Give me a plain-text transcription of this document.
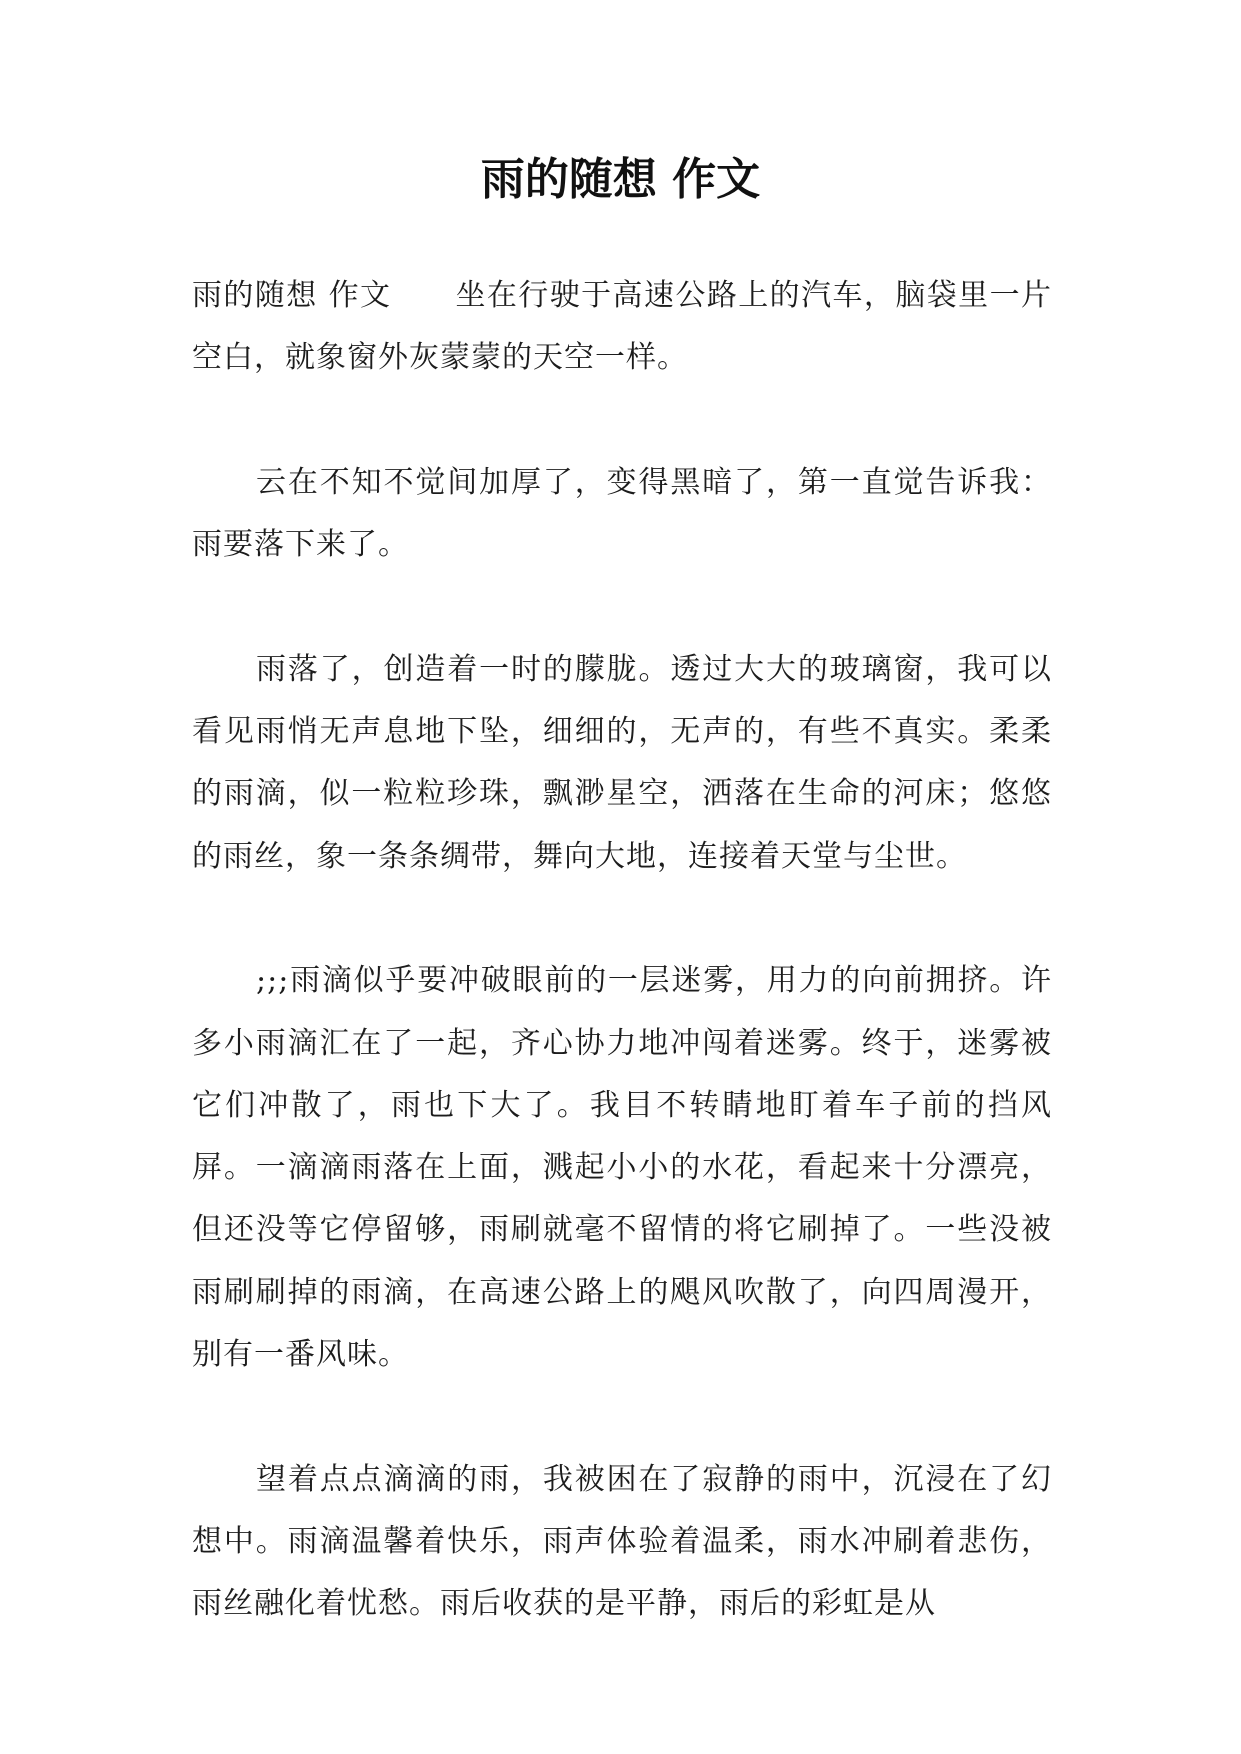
雨的随想 作文

雨的随想 作文 坐在行驶于高速公路上的汽车，脑袋里一片空白，就象窗外灰蒙蒙的天空一样。

云在不知不觉间加厚了，变得黑暗了，第一直觉告诉我：雨要落下来了。

雨落了，创造着一时的朦胧。透过大大的玻璃窗，我可以看见雨悄无声息地下坠，细细的，无声的，有些不真实。柔柔的雨滴，似一粒粒珍珠，飘渺星空，洒落在生命的河床；悠悠的雨丝，象一条条绸带，舞向大地，连接着天堂与尘世。

;;;雨滴似乎要冲破眼前的一层迷雾，用力的向前拥挤。许多小雨滴汇在了一起，齐心协力地冲闯着迷雾。终于，迷雾被它们冲散了，雨也下大了。我目不转睛地盯着车子前的挡风屏。一滴滴雨落在上面，溅起小小的水花，看起来十分漂亮，但还没等它停留够，雨刷就毫不留情的将它刷掉了。一些没被雨刷刷掉的雨滴，在高速公路上的飓风吹散了，向四周漫开，别有一番风味。

望着点点滴滴的雨，我被困在了寂静的雨中，沉浸在了幻想中。雨滴温馨着快乐，雨声体验着温柔，雨水冲刷着悲伤，雨丝融化着忧愁。雨后收获的是平静，雨后的彩虹是从
